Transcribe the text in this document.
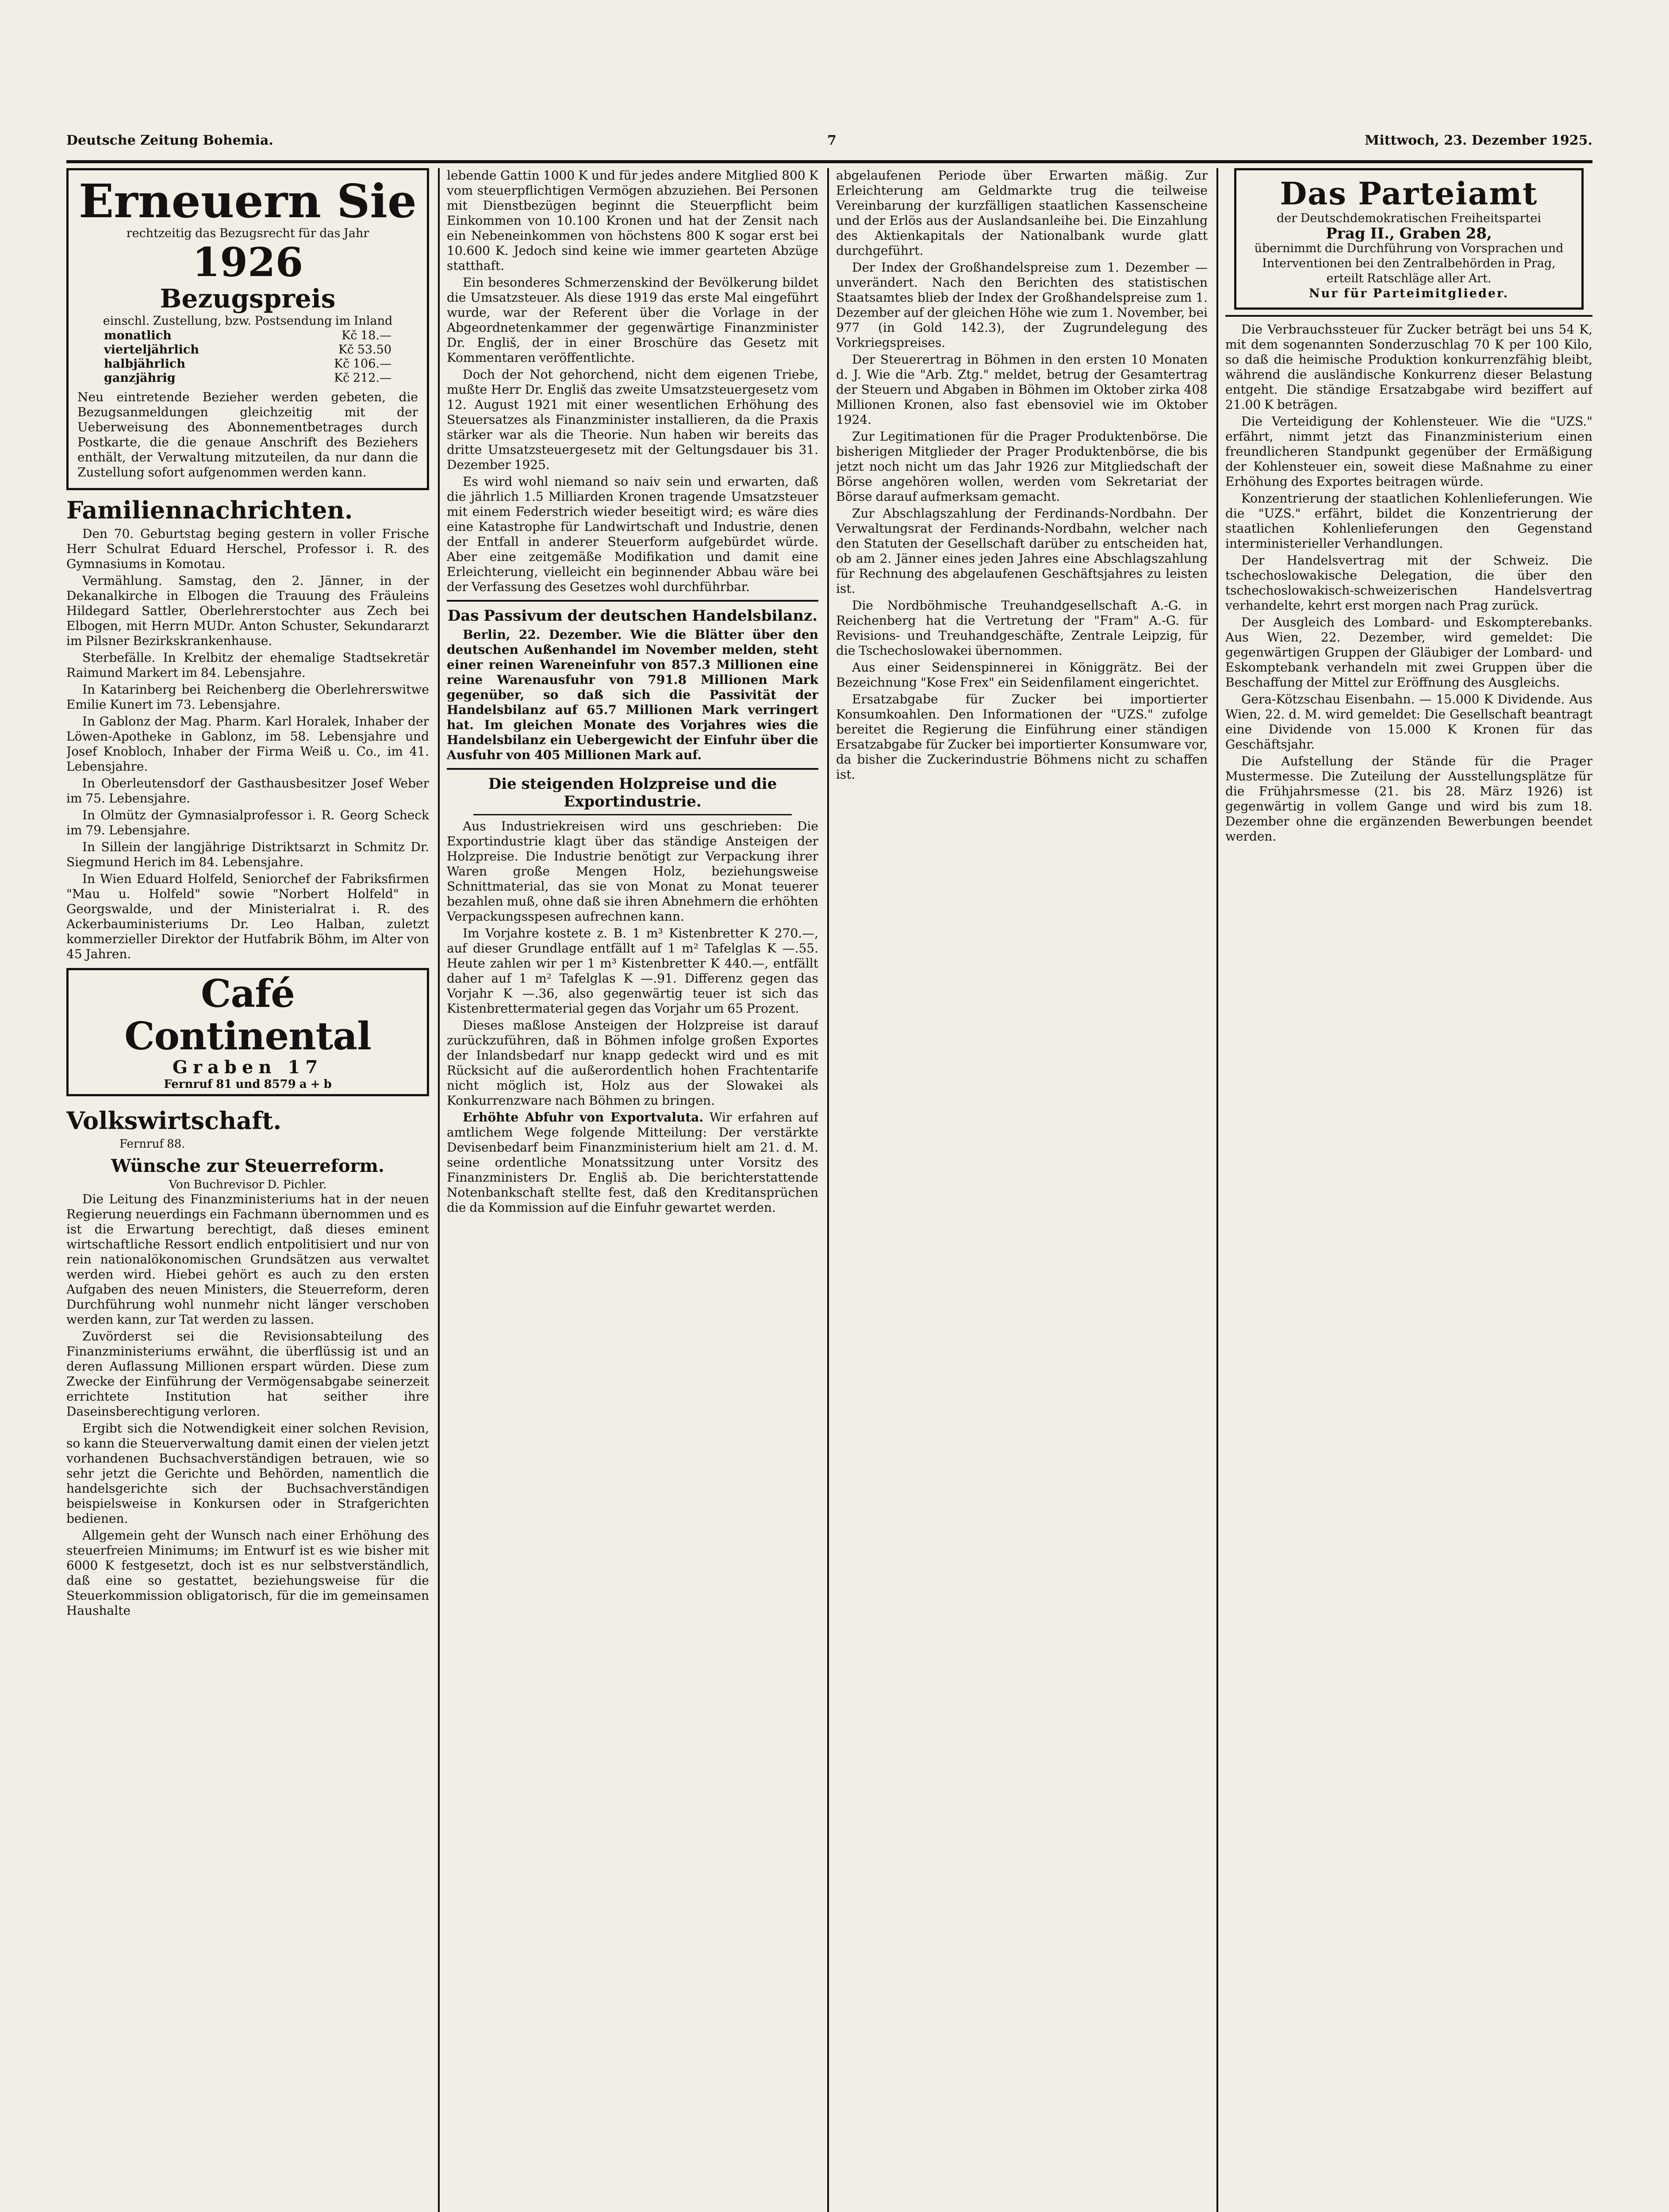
Deutsche Zeitung Bohemia.	7	Mittwoch, 23. Dezember 1925.
Erneuern Sie
rechtzeitig das Bezugsrecht für das Jahr
1926
Bezugspreis
einschl. Zustellung, bzw. Postsendung im Inland
monatlich	Kč 18.—
vierteljährlich	Kč 53.50
halbjährlich	Kč 106.—
ganzjährig	Kč 212.—

Neu eintretende Bezieher werden gebeten, die Bezugsanmeldungen gleichzeitig mit der Ueberweisung des Abonnementbetrages durch Postkarte, die die genaue Anschrift des Beziehers enthält, der Verwaltung mitzuteilen, da nur dann die Zustellung sofort aufgenommen werden kann.

Familiennachrichten.

Den 70. Geburtstag beging gestern in voller Frische Herr Schulrat Eduard Herschel, Professor i. R. des Gymnasiums in Komotau.

Vermählung. Samstag, den 2. Jänner, in der Dekanalkirche in Elbogen die Trauung des Fräuleins Hildegard Sattler, Oberlehrerstochter aus Zech bei Elbogen, mit Herrn MUDr. Anton Schuster, Sekundararzt im Pilsner Bezirkskrankenhause.

Sterbefälle. In Krelbitz der ehemalige Stadtsekretär Raimund Markert im 84. Lebensjahre.

In Katarinberg bei Reichenberg die Oberlehrerswitwe Emilie Kunert im 73. Lebensjahre.

In Gablonz der Mag. Pharm. Karl Horalek, Inhaber der Löwen-Apotheke in Gablonz, im 58. Lebensjahre und Josef Knobloch, Inhaber der Firma Weiß u. Co., im 41. Lebensjahre.

In Oberleutensdorf der Gasthausbesitzer Josef Weber im 75. Lebensjahre.

In Olmütz der Gymnasialprofessor i. R. Georg Scheck im 79. Lebensjahre.

In Sillein der langjährige Distriktsarzt in Schmitz Dr. Siegmund Herich im 84. Lebensjahre.

In Wien Eduard Holfeld, Seniorchef der Fabriksfirmen "Mau u. Holfeld" sowie "Norbert Holfeld" in Georgswalde, und der Ministerialrat i. R. des Ackerbauministeriums Dr. Leo Halban, zuletzt kommerzieller Direktor der Hutfabrik Böhm, im Alter von 45 Jahren.

Café Continental
Graben 17
Fernruf 81 und 8579 a + b
Volkswirtschaft.
Fernruf 88.
Wünsche zur Steuerreform.
Von Buchrevisor D. Pichler.

Die Leitung des Finanzministeriums hat in der neuen Regierung neuerdings ein Fachmann übernommen und es ist die Erwartung berechtigt, daß dieses eminent wirtschaftliche Ressort endlich entpolitisiert und nur von rein nationalökonomischen Grundsätzen aus verwaltet werden wird. Hiebei gehört es auch zu den ersten Aufgaben des neuen Ministers, die Steuerreform, deren Durchführung wohl nunmehr nicht länger verschoben werden kann, zur Tat werden zu lassen.

Zuvörderst sei die Revisionsabteilung des Finanzministeriums erwähnt, die überflüssig ist und an deren Auflassung Millionen erspart würden. Diese zum Zwecke der Einführung der Vermögensabgabe seinerzeit errichtete Institution hat seither ihre Daseinsberechtigung verloren.

Ergibt sich die Notwendigkeit einer solchen Revision, so kann die Steuerverwaltung damit einen der vielen jetzt vorhandenen Buchsachverständigen betrauen, wie so sehr jetzt die Gerichte und Behörden, namentlich die handelsgerichte sich der Buchsachverständigen beispielsweise in Konkursen oder in Strafgerichten bedienen.

Allgemein geht der Wunsch nach einer Erhöhung des steuerfreien Minimums; im Entwurf ist es wie bisher mit 6000 K festgesetzt, doch ist es nur selbstverständlich, daß eine so gestattet, beziehungsweise für die Steuerkommission obligatorisch, für die im gemeinsamen Haushalte

lebende Gattin 1000 K und für jedes andere Mitglied 800 K vom steuerpflichtigen Vermögen abzuziehen. Bei Personen mit Dienstbezügen beginnt die Steuerpflicht beim Einkommen von 10.100 Kronen und hat der Zensit nach ein Nebeneinkommen von höchstens 800 K sogar erst bei 10.600 K. Jedoch sind keine wie immer gearteten Abzüge statthaft.

Ein besonderes Schmerzenskind der Bevölkerung bildet die Umsatzsteuer. Als diese 1919 das erste Mal eingeführt wurde, war der Referent über die Vorlage in der Abgeordnetenkammer der gegenwärtige Finanzminister Dr. Engliš, der in einer Broschüre das Gesetz mit Kommentaren veröffentlichte.

Doch der Not gehorchend, nicht dem eigenen Triebe, mußte Herr Dr. Engliš das zweite Umsatzsteuergesetz vom 12. August 1921 mit einer wesentlichen Erhöhung des Steuersatzes als Finanzminister installieren, da die Praxis stärker war als die Theorie. Nun haben wir bereits das dritte Umsatzsteuergesetz mit der Geltungsdauer bis 31. Dezember 1925.

Es wird wohl niemand so naiv sein und erwarten, daß die jährlich 1.5 Milliarden Kronen tragende Umsatzsteuer mit einem Federstrich wieder beseitigt wird; es wäre dies eine Katastrophe für Landwirtschaft und Industrie, denen der Entfall in anderer Steuerform aufgebürdet würde. Aber eine zeitgemäße Modifikation und damit eine Erleichterung, vielleicht ein beginnender Abbau wäre bei der Verfassung des Gesetzes wohl durchführbar.

Das Passivum der deutschen Handelsbilanz.

Berlin, 22. Dezember. Wie die Blätter über den deutschen Außenhandel im November melden, steht einer reinen Wareneinfuhr von 857.3 Millionen eine reine Warenausfuhr von 791.8 Millionen Mark gegenüber, so daß sich die Passivität der Handelsbilanz auf 65.7 Millionen Mark verringert hat. Im gleichen Monate des Vorjahres wies die Handelsbilanz ein Uebergewicht der Einfuhr über die Ausfuhr von 405 Millionen Mark auf.

Die steigenden Holzpreise und die Exportindustrie.

Aus Industriekreisen wird uns geschrieben: Die Exportindustrie klagt über das ständige Ansteigen der Holzpreise. Die Industrie benötigt zur Verpackung ihrer Waren große Mengen Holz, beziehungsweise Schnittmaterial, das sie von Monat zu Monat teuerer bezahlen muß, ohne daß sie ihren Abnehmern die erhöhten Verpackungsspesen aufrechnen kann.

Im Vorjahre kostete z. B. 1 m³ Kistenbretter K 270.—, auf dieser Grundlage entfällt auf 1 m² Tafelglas K —.55. Heute zahlen wir per 1 m³ Kistenbretter K 440.—, entfällt daher auf 1 m² Tafelglas K —.91. Differenz gegen das Vorjahr K —.36, also gegenwärtig teuer ist sich das Kistenbrettermaterial gegen das Vorjahr um 65 Prozent.

Dieses maßlose Ansteigen der Holzpreise ist darauf zurückzuführen, daß in Böhmen infolge großen Exportes der Inlandsbedarf nur knapp gedeckt wird und es mit Rücksicht auf die außerordentlich hohen Frachtentarife nicht möglich ist, Holz aus der Slowakei als Konkurrenzware nach Böhmen zu bringen.

Erhöhte Abfuhr von Exportvaluta. Wir erfahren auf amtlichem Wege folgende Mitteilung: Der verstärkte Devisenbedarf beim Finanzministerium hielt am 21. d. M. seine ordentliche Monatssitzung unter Vorsitz des Finanzministers Dr. Engliš ab. Die berichterstattende Notenbankschaft stellte fest, daß den Kreditansprüchen die da Kommission auf die Einfuhr gewartet werden.

abgelaufenen Periode über Erwarten mäßig. Zur Erleichterung am Geldmarkte trug die teilweise Vereinbarung der kurzfälligen staatlichen Kassenscheine und der Erlös aus der Auslandsanleihe bei. Die Einzahlung des Aktienkapitals der Nationalbank wurde glatt durchgeführt.

Der Index der Großhandelspreise zum 1. Dezember — unverändert. Nach den Berichten des statistischen Staatsamtes blieb der Index der Großhandelspreise zum 1. Dezember auf der gleichen Höhe wie zum 1. November, bei 977 (in Gold 142.3), der Zugrundelegung des Vorkriegspreises.

Der Steuerertrag in Böhmen in den ersten 10 Monaten d. J. Wie die "Arb. Ztg." meldet, betrug der Gesamtertrag der Steuern und Abgaben in Böhmen im Oktober zirka 408 Millionen Kronen, also fast ebensoviel wie im Oktober 1924.

Zur Legitimationen für die Prager Produktenbörse. Die bisherigen Mitglieder der Prager Produktenbörse, die bis jetzt noch nicht um das Jahr 1926 zur Mitgliedschaft der Börse angehören wollen, werden vom Sekretariat der Börse darauf aufmerksam gemacht.

Zur Abschlagszahlung der Ferdinands-Nordbahn. Der Verwaltungsrat der Ferdinands-Nordbahn, welcher nach den Statuten der Gesellschaft darüber zu entscheiden hat, ob am 2. Jänner eines jeden Jahres eine Abschlagszahlung für Rechnung des abgelaufenen Geschäftsjahres zu leisten ist.

Die Nordböhmische Treuhandgesellschaft A.-G. in Reichenberg hat die Vertretung der "Fram" A.-G. für Revisions- und Treuhandgeschäfte, Zentrale Leipzig, für die Tschechoslowakei übernommen.

Aus einer Seidenspinnerei in Königgrätz. Bei der Bezeichnung "Kose Frex" ein Seidenfilament eingerichtet.

Ersatzabgabe für Zucker bei importierter Konsumkoahlen. Den Informationen der "UZS." zufolge bereitet die Regierung die Einführung einer ständigen Ersatzabgabe für Zucker bei importierter Konsumware vor, da bisher die Zuckerindustrie Böhmens nicht zu schaffen ist.

Das Parteiamt
der Deutschdemokratischen Freiheitspartei
Prag II., Graben 28,
übernimmt die Durchführung von Vorsprachen und Interventionen bei den Zentralbehörden in Prag, erteilt Ratschläge aller Art.
Nur für Parteimitglieder.

Die Verbrauchssteuer für Zucker beträgt bei uns 54 K, mit dem sogenannten Sonderzuschlag 70 K per 100 Kilo, so daß die heimische Produktion konkurrenzfähig bleibt, während die ausländische Konkurrenz dieser Belastung entgeht. Die ständige Ersatzabgabe wird beziffert auf 21.00 K beträgen.

Die Verteidigung der Kohlensteuer. Wie die "UZS." erfährt, nimmt jetzt das Finanzministerium einen freundlicheren Standpunkt gegenüber der Ermäßigung der Kohlensteuer ein, soweit diese Maßnahme zu einer Erhöhung des Exportes beitragen würde.

Konzentrierung der staatlichen Kohlenlieferungen. Wie die "UZS." erfährt, bildet die Konzentrierung der staatlichen Kohlenlieferungen den Gegenstand interministerieller Verhandlungen.

Der Handelsvertrag mit der Schweiz. Die tschechoslowakische Delegation, die über den tschechoslowakisch-schweizerischen Handelsvertrag verhandelte, kehrt erst morgen nach Prag zurück.

Der Ausgleich des Lombard- und Eskompterebanks. Aus Wien, 22. Dezember, wird gemeldet: Die gegenwärtigen Gruppen der Gläubiger der Lombard- und Eskomptebank verhandeln mit zwei Gruppen über die Beschaffung der Mittel zur Eröffnung des Ausgleichs.

Gera-Kötzschau Eisenbahn. — 15.000 K Dividende. Aus Wien, 22. d. M. wird gemeldet: Die Gesellschaft beantragt eine Dividende von 15.000 K Kronen für das Geschäftsjahr.

Die Aufstellung der Stände für die Prager Mustermesse. Die Zuteilung der Ausstellungsplätze für die Frühjahrsmesse (21. bis 28. März 1926) ist gegenwärtig in vollem Gange und wird bis zum 18. Dezember ohne die ergänzenden Bewerbungen beendet werden.
